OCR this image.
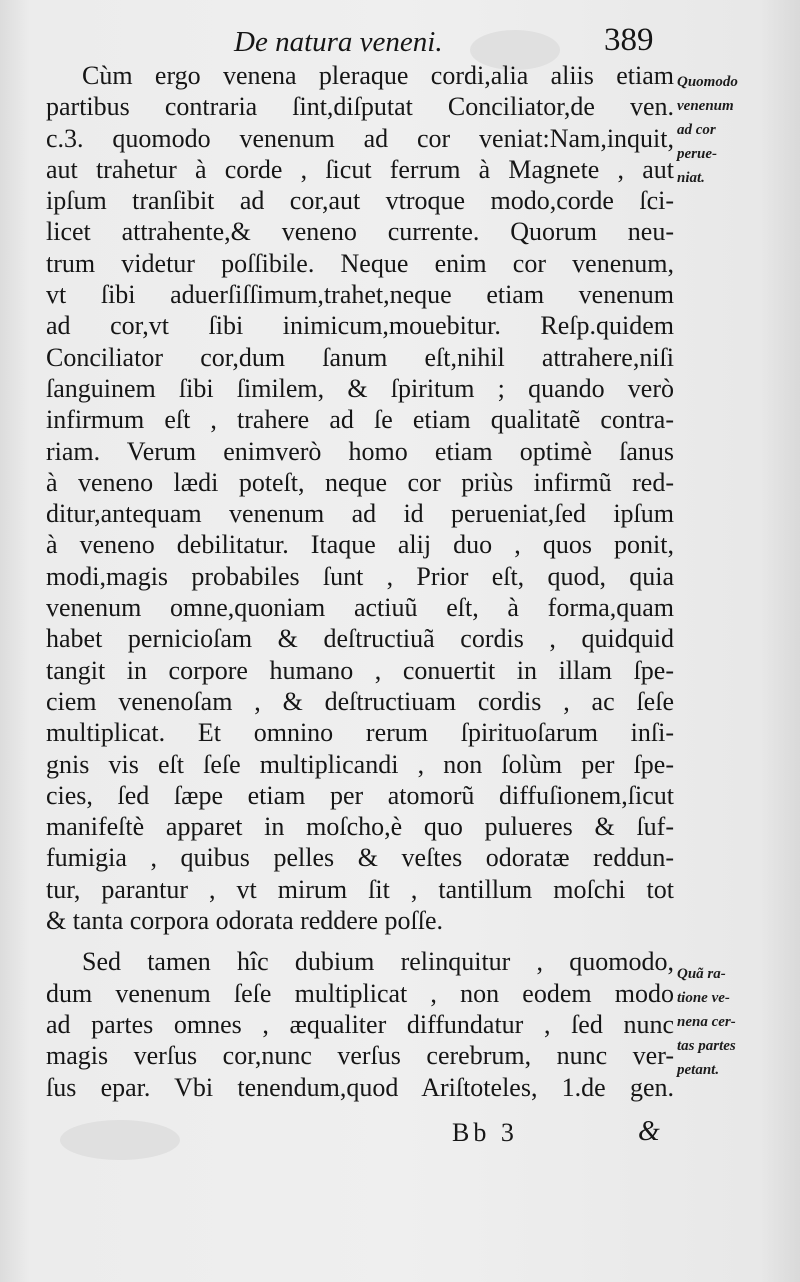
De natura veneni.	389
Cùm ergo venena pleraque cordi,alia aliis etiam
partibus contraria ſint,diſputat Conciliator,de ven.
c.3. quomodo venenum ad cor veniat:Nam,inquit,
aut trahetur à corde , ſicut ferrum à Magnete , aut
ipſum tranſibit ad cor,aut vtroque modo,corde ſci-
licet attrahente,& veneno currente. Quorum neu-
trum videtur poſſibile. Neque enim cor venenum,
vt ſibi aduerſiſſimum,trahet,neque etiam venenum
ad cor,vt ſibi inimicum,mouebitur. Reſp.quidem
Conciliator cor,dum ſanum eſt,nihil attrahere,niſi
ſanguinem ſibi ſimilem, & ſpiritum ; quando verò
infirmum eſt , trahere ad ſe etiam qualitatẽ contra-
riam. Verum enimverò homo etiam optimè ſanus
à veneno lædi poteſt, neque cor priùs infirmũ red-
ditur,antequam venenum ad id perueniat,ſed ipſum
à veneno debilitatur. Itaque alij duo , quos ponit,
modi,magis probabiles ſunt , Prior eſt, quod, quia
venenum omne,quoniam actiuũ eſt, à forma,quam
habet pernicioſam & deſtructiuã cordis , quidquid
tangit in corpore humano , conuertit in illam ſpe-
ciem venenoſam , & deſtructiuam cordis , ac ſeſe
multiplicat. Et omnino rerum ſpirituoſarum inſi-
gnis vis eſt ſeſe multiplicandi , non ſolùm per ſpe-
cies, ſed ſæpe etiam per atomorũ diffuſionem,ſicut
manifeſtè apparet in moſcho,è quo pulueres & ſuf-
fumigia , quibus pelles & veſtes odoratæ reddun-
tur, parantur , vt mirum ſit , tantillum moſchi tot
& tanta corpora odorata reddere poſſe.
Sed tamen hîc dubium relinquitur , quomodo,
dum venenum ſeſe multiplicat , non eodem modo
ad partes omnes , æqualiter diffundatur , ſed nunc
magis verſus cor,nunc verſus cerebrum, nunc ver-
ſus epar. Vbi tenendum,quod Ariſtoteles, 1.de gen.
Quomodo
venenum
ad cor
perue-
niat.
Quã ra-
tione ve-
nena cer-
tas partes
petant.
Bb 3	&
